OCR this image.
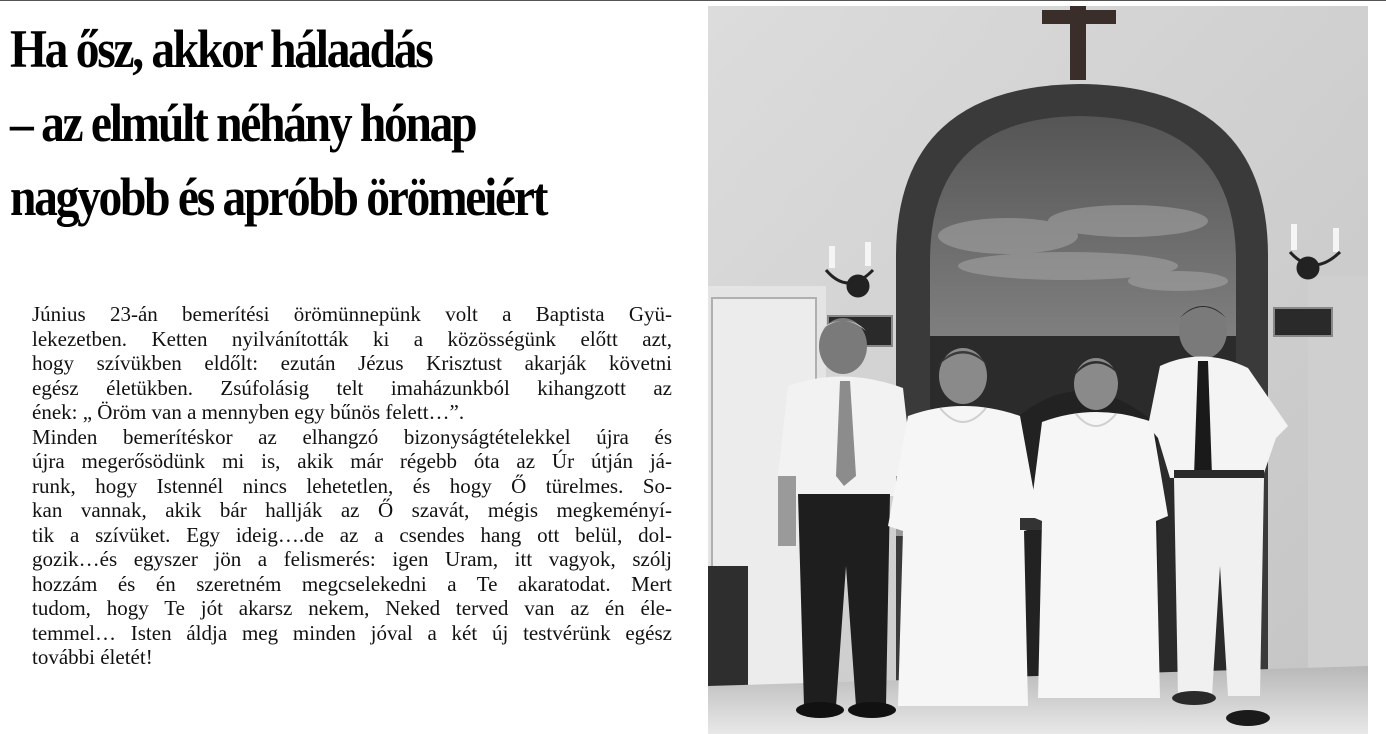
Ha ősz, akkor hálaadás
– az elmúlt néhány hónap
nagyobb és apróbb örömeiért

Június 23-án bemerítési örömünnepünk volt a Baptista Gyü-
lekezetben. Ketten nyilvánították ki a közösségünk előtt azt,
hogy szívükben eldőlt: ezután Jézus Krisztust akarják követni
egész életükben. Zsúfolásig telt imaházunkból kihangzott az
ének: „ Öröm van a mennyben egy bűnös felett…”.

Minden bemerítéskor az elhangzó bizonyságtételekkel újra és
újra megerősödünk mi is, akik már régebb óta az Úr útján já-
runk, hogy Istennél nincs lehetetlen, és hogy Ő türelmes. So-
kan vannak, akik bár hallják az Ő szavát, mégis megkeményí-
tik a szívüket. Egy ideig….de az a csendes hang ott belül, dol-
gozik…és egyszer jön a felismerés: igen Uram, itt vagyok, szólj
hozzám és én szeretném megcselekedni a Te akaratodat. Mert
tudom, hogy Te jót akarsz nekem, Neked terved van az én éle-
temmel… Isten áldja meg minden jóval a két új testvérünk egész
további életét!
